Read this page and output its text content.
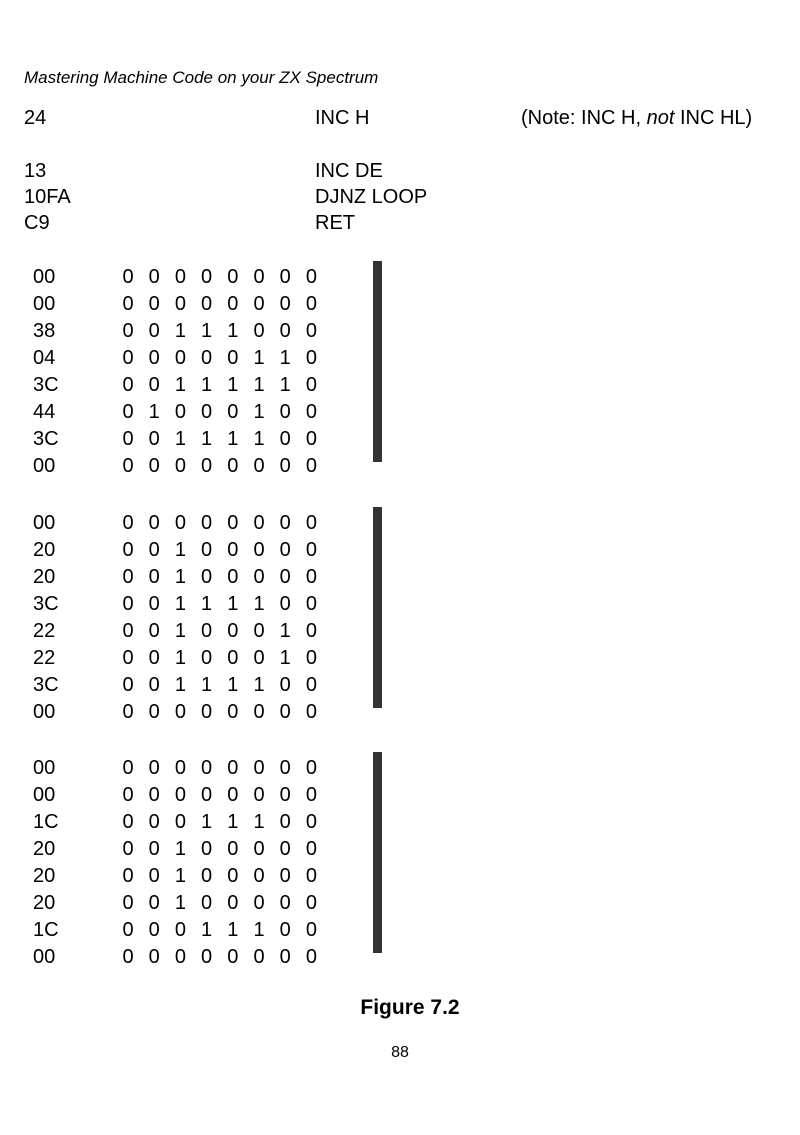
Mastering Machine Code on your ZX Spectrum
24	INC H	(Note: INC H, not INC HL)
13	INC DE
10FA	DJNZ LOOP
C9	RET
00	0 0 0 0 0 0 0 0
00	0 0 0 0 0 0 0 0
38	0 0 1 1 1 0 0 0
04	0 0 0 0 0 1 1 0
3C	0 0 1 1 1 1 1 0
44	0 1 0 0 0 1 0 0
3C	0 0 1 1 1 1 0 0
00	0 0 0 0 0 0 0 0

00	0 0 0 0 0 0 0 0
20	0 0 1 0 0 0 0 0
20	0 0 1 0 0 0 0 0
3C	0 0 1 1 1 1 0 0
22	0 0 1 0 0 0 1 0
22	0 0 1 0 0 0 1 0
3C	0 0 1 1 1 1 0 0
00	0 0 0 0 0 0 0 0

00	0 0 0 0 0 0 0 0
00	0 0 0 0 0 0 0 0
1C	0 0 0 1 1 1 0 0
20	0 0 1 0 0 0 0 0
20	0 0 1 0 0 0 0 0
20	0 0 1 0 0 0 0 0
1C	0 0 0 1 1 1 0 0
00	0 0 0 0 0 0 0 0

Figure 7.2
88
